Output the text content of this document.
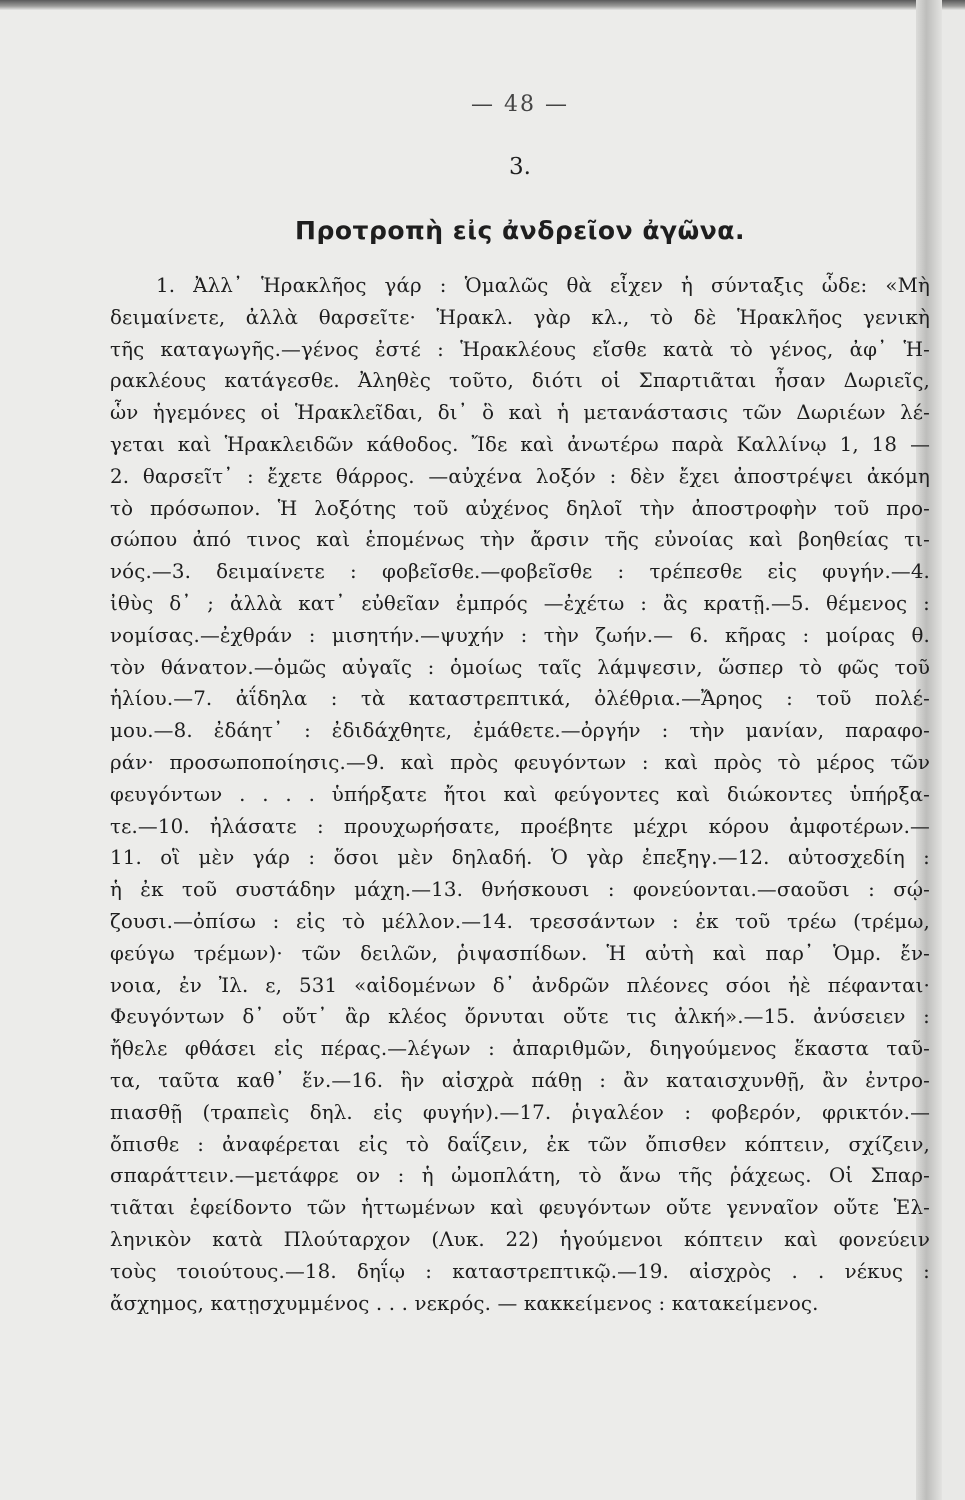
— 48 —
3.
Προτροπὴ εἰς ἀνδρεῖον ἀγῶνα.
1. Ἀλλ᾽ Ἡρακλῆος γάρ : Ὁμαλῶς θὰ εἶχεν ἡ σύνταξις ὧδε: «Μὴ
δειμαίνετε, ἀλλὰ θαρσεῖτε· Ἡρακλ. γὰρ κλ., τὸ δὲ Ἡρακλῆος γενικὴ
τῆς καταγωγῆς.—γένος ἐστέ : Ἡρακλέους εἴσθε κατὰ τὸ γένος, ἀφ᾽ Ἡ-
ρακλέους κατάγεσθε. Ἀληθὲς τοῦτο, διότι οἱ Σπαρτιᾶται ἦσαν Δωριεῖς,
ὧν ἡγεμόνες οἱ Ἡρακλεῖδαι, δι᾽ ὃ καὶ ἡ μετανάστασις τῶν Δωριέων λέ-
γεται καὶ Ἡρακλειδῶν κάθοδος. Ἴδε καὶ ἀνωτέρω παρὰ Καλλίνῳ 1, 18 —
2. θαρσεῖτ᾽ : ἔχετε θάρρος. —αὐχένα λοξόν : δὲν ἔχει ἀποστρέψει ἀκόμη
τὸ πρόσωπον. Ἡ λοξότης τοῦ αὐχένος δηλοῖ τὴν ἀποστροφὴν τοῦ προ-
σώπου ἀπό τινος καὶ ἑπομένως τὴν ἄρσιν τῆς εὐνοίας καὶ βοηθείας τι-
νός.—3. δειμαίνετε : φοβεῖσθε.—φοβεῖσθε : τρέπεσθε εἰς φυγήν.—4.
ἰθὺς δ᾽ ; ἀλλὰ κατ᾽ εὐθεῖαν ἐμπρός —ἐχέτω : ἂς κρατῇ.—5. θέμενος :
νομίσας.—ἐχθράν : μισητήν.—ψυχήν : τὴν ζωήν.— 6. κῆρας : μοίρας θ.
τὸν θάνατον.—ὁμῶς αὐγαῖς : ὁμοίως ταῖς λάμψεσιν, ὥσπερ τὸ φῶς τοῦ
ἡλίου.—7. ἀΐδηλα : τὰ καταστρεπτικά, ὀλέθρια.—Ἄρηος : τοῦ πολέ-
μου.—8. ἐδάητ᾽ : ἐδιδάχθητε, ἐμάθετε.—ὀργήν : τὴν μανίαν, παραφο-
ράν· προσωποποίησις.—9. καὶ πρὸς φευγόντων : καὶ πρὸς τὸ μέρος τῶν
φευγόντων . . . . ὑπήρξατε ἤτοι καὶ φεύγοντες καὶ διώκοντες ὑπήρξα-
τε.—10. ἠλάσατε : προυχωρήσατε, προέβητε μέχρι κόρου ἀμφοτέρων.—
11. οἳ μὲν γάρ : ὅσοι μὲν δηλαδή. Ὁ γὰρ ἐπεξηγ.—12. αὐτοσχεδίη :
ἡ ἐκ τοῦ συστάδην μάχη.—13. θνήσκουσι : φονεύονται.—σαοῦσι : σῴ-
ζουσι.—ὀπίσω : εἰς τὸ μέλλον.—14. τρεσσάντων : ἐκ τοῦ τρέω (τρέμω,
φεύγω τρέμων)· τῶν δειλῶν, ῥιψασπίδων. Ἡ αὐτὴ καὶ παρ᾽ Ὁμρ. ἔν-
νοια, ἐν Ἰλ. ε, 531 «αἰδομένων δ᾽ ἀνδρῶν πλέονες σόοι ἠὲ πέφανται·
Φευγόντων δ᾽ οὔτ᾽ ἂρ κλέος ὄρνυται οὔτε τις ἀλκή».—15. ἀνύσειεν :
ἤθελε φθάσει εἰς πέρας.—λέγων : ἀπαριθμῶν, διηγούμενος ἕκαστα ταῦ-
τα, ταῦτα καθ᾽ ἕν.—16. ἣν αἰσχρὰ πάθῃ : ἂν καταισχυνθῇ, ἂν ἐντρο-
πιασθῇ (τραπεὶς δηλ. εἰς φυγήν).—17. ῥιγαλέον : φοβερόν, φρικτόν.—
ὄπισθε : ἀναφέρεται εἰς τὸ δαΐζειν, ἐκ τῶν ὄπισθεν κόπτειν, σχίζειν,
σπαράττειν.—μετάφρε ον : ἡ ὠμοπλάτη, τὸ ἄνω τῆς ῥάχεως. Οἱ Σπαρ-
τιᾶται ἐφείδοντο τῶν ἡττωμένων καὶ φευγόντων οὔτε γενναῖον οὔτε Ἑλ-
ληνικὸν κατὰ Πλούταρχον (Λυκ. 22) ἡγούμενοι κόπτειν καὶ φονεύειν
τοὺς τοιούτους.—18. δηΐῳ : καταστρεπτικῷ.—19. αἰσχρὸς . . νέκυς :
ἄσχημος, κατῃσχυμμένος . . . νεκρός. — κακκείμενος : κατακείμενος.
